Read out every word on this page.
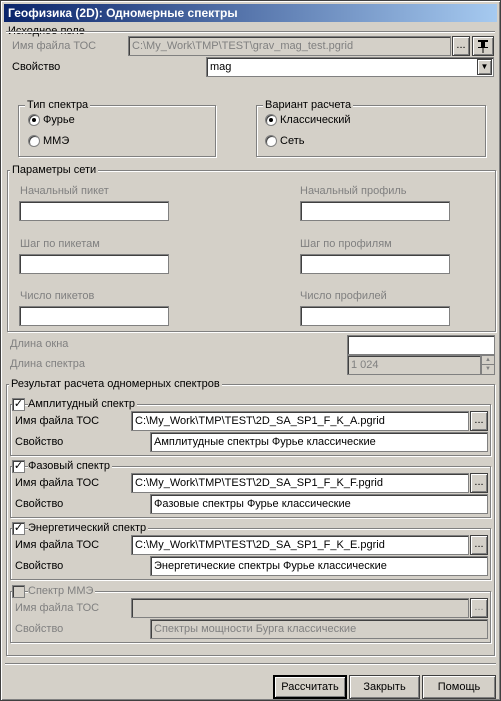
Геофизика (2D): Одномерные спектры
Исходное поле
Имя файла ТОС	C:\My_Work\TMP\TEST\grav_mag_test.pgrid	...
Свойство	mag	▼
Тип спектра
Фурье
ММЭ
Вариант расчета
Классический
Сеть
Параметры сети
Начальный пикет	Начальный профиль
Шаг по пикетам	Шаг по профилям
Число пикетов	Число профилей
Длина окна
Длина спектра	1 024	▲
▼
Результат расчета одномерных спектров
✓ Амплитудный спектр
Имя файла ТОС	C:\My_Work\TMP\TEST\2D_SA_SP1_F_K_A.pgrid	...
Свойство	Амплитудные спектры Фурье классические
✓ Фазовый спектр
Имя файла ТОС	C:\My_Work\TMP\TEST\2D_SA_SP1_F_K_F.pgrid	...
Свойство	Фазовые спектры Фурье классические
✓ Энергетический спектр
Имя файла ТОС	C:\My_Work\TMP\TEST\2D_SA_SP1_F_K_E.pgrid	...
Свойство	Энергетические спектры Фурье классические
Спектр ММЭ
Имя файла ТОС	...
Свойство	Спектры мощности Бурга классические
Рассчитать	Закрыть	Помощь
